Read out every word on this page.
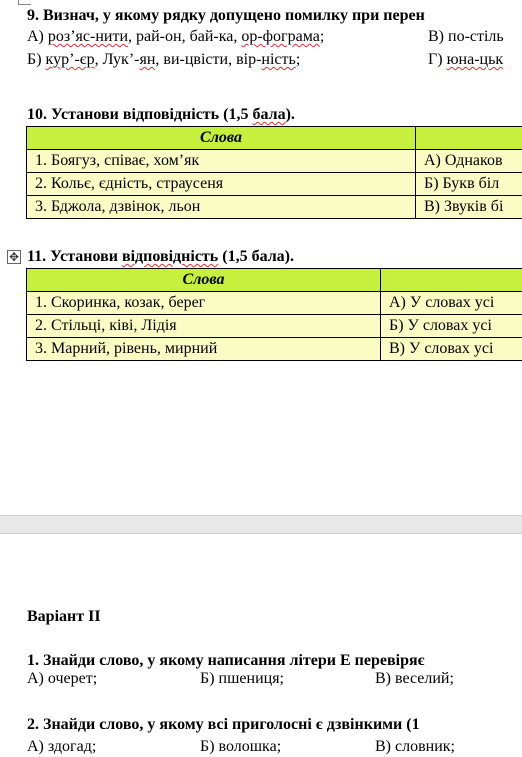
9. Визнач, у якому рядку допущено помилку при перен
А) роз’яс-нити, рай-он, бай-ка, ор-фограма;	В) по-стіль
Б) кур’-єр, Лук’-ян, ви-цвісти, вір-ність;	Г) юна-цьк
10. Установи відповідність (1,5 бала).
Слова	
1. Боягуз, співає, хом’як	А) Однаков
2. Кольє, єдність, страусеня	Б) Букв біл
3. Бджола, дзвінок, льон	В) Звуків бі
✥ 11. Установи відповідність (1,5 бала).
Слова	
1. Скоринка, козак, берег	А) У словах усі
2. Стільці, ківі, Лідія	Б) У словах усі
3. Марний, рівень, мирний	В) У словах усі
Варіант ІІ
1. Знайди слово, у якому написання літери Е перевіряє
А) очерет;	Б) пшениця;	В) веселий;
2. Знайди слово, у якому всі приголосні є дзвінкими (1
А) здогад;	Б) волошка;	В) словник;
